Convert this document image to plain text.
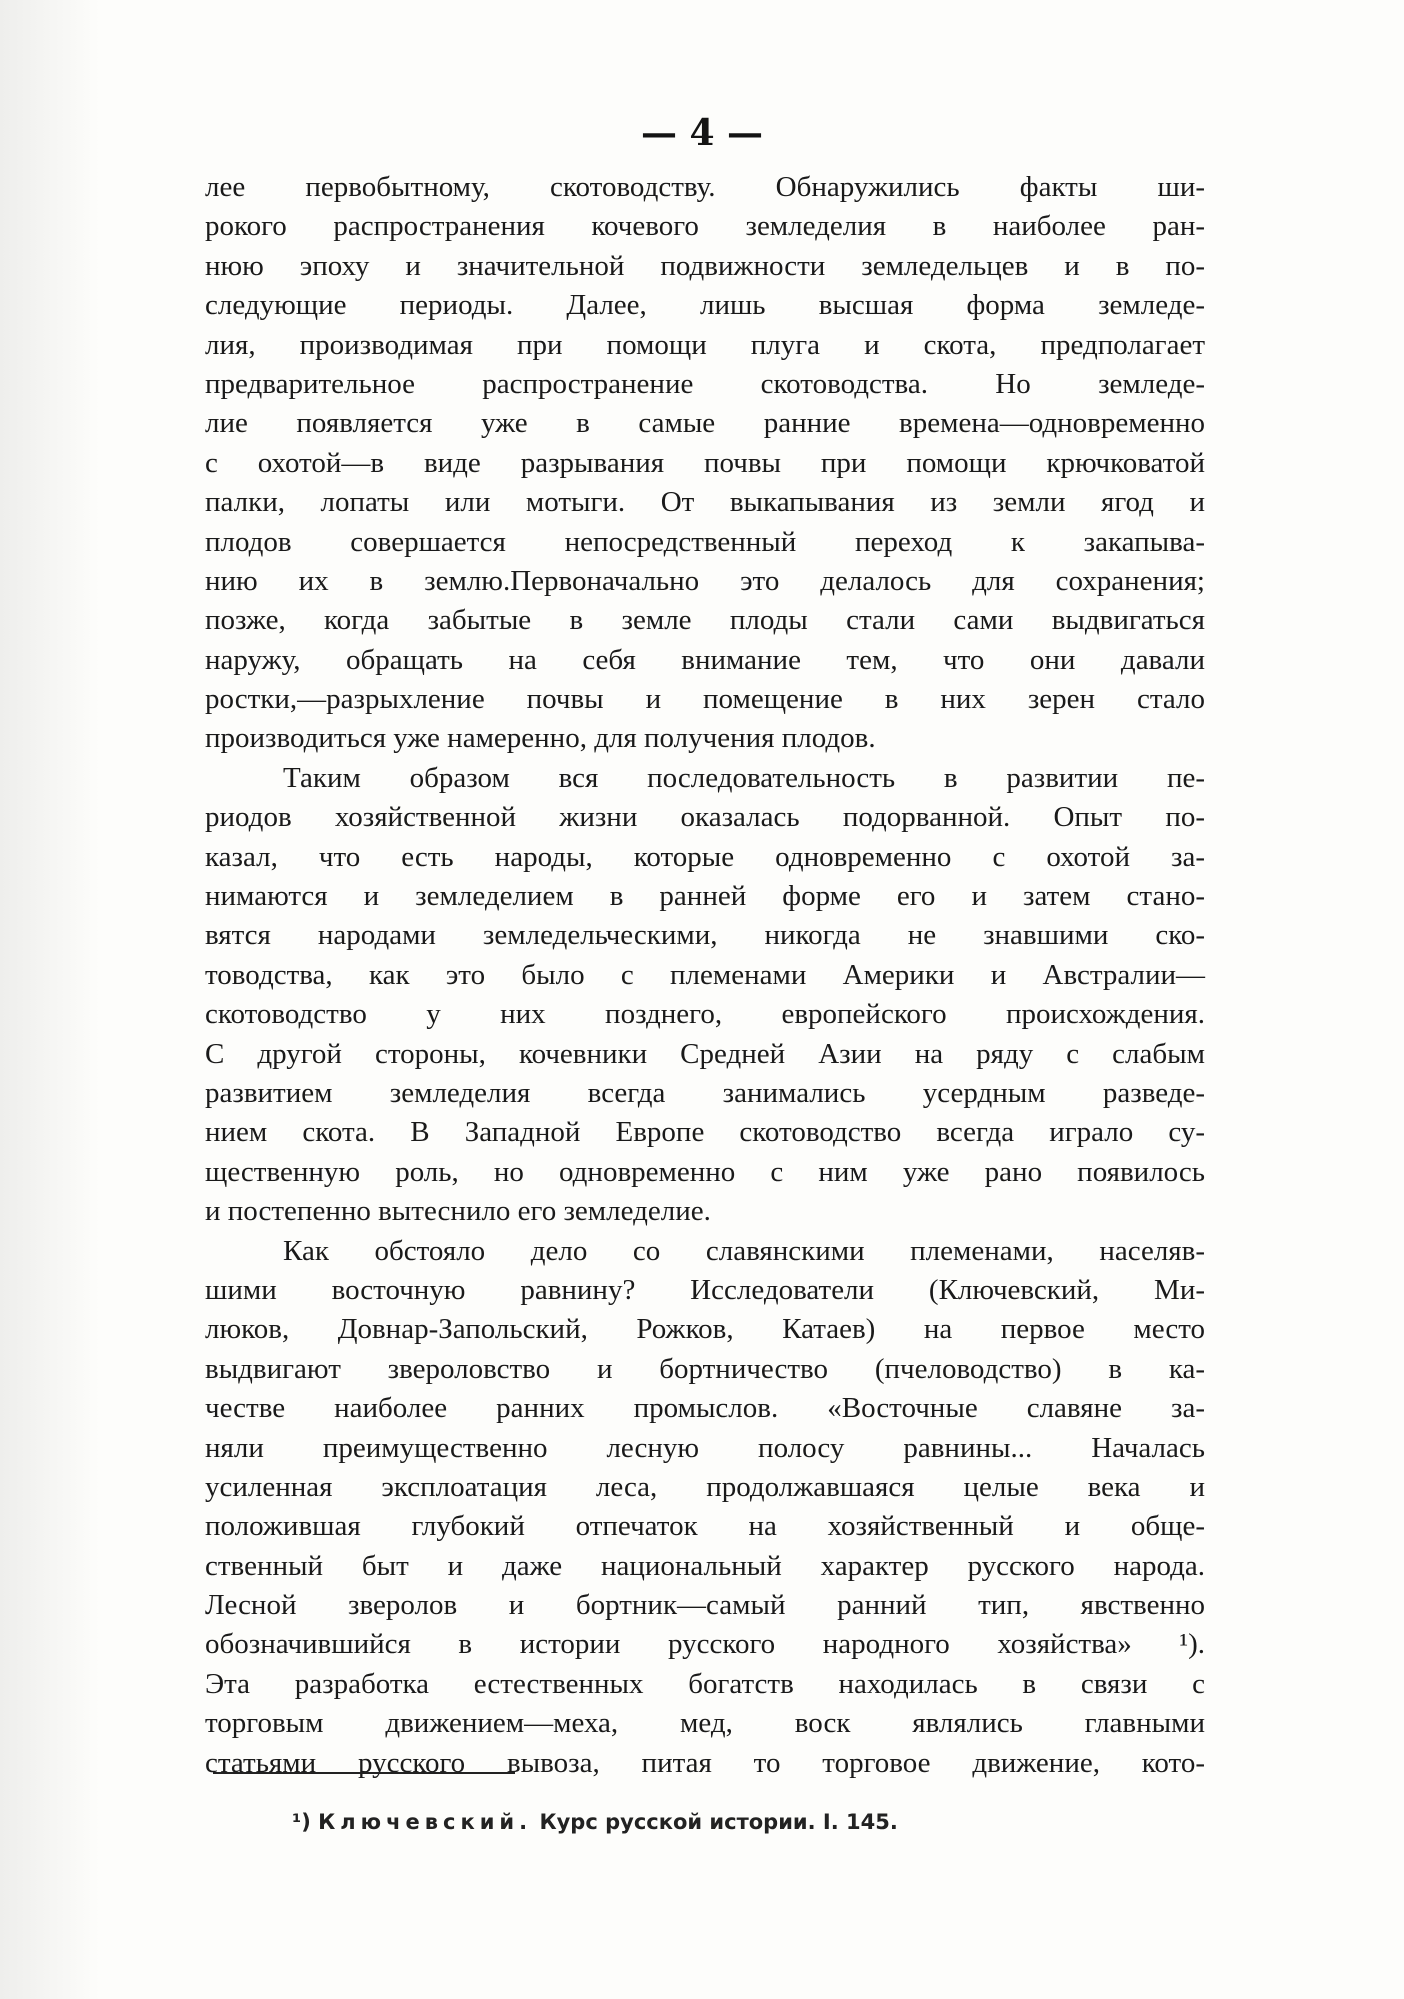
— 4 —
лее первобытному, скотоводству. Обнаружились факты ши-
рокого распространения кочевого земледелия в наиболее ран-
нюю эпоху и значительной подвижности земледельцев и в по-
следующие периоды. Далее, лишь высшая форма земледе-
лия, производимая при помощи плуга и скота, предполагает
предварительное распространение скотоводства. Но земледе-
лие появляется уже в самые ранние времена—одновременно
с охотой—в виде разрывания почвы при помощи крючковатой
палки, лопаты или мотыги. От выкапывания из земли ягод и
плодов совершается непосредственный переход к закапыва-
нию их в землю.Первоначально это делалось для сохранения;
позже, когда забытые в земле плоды стали сами выдвигаться
наружу, обращать на себя внимание тем, что они давали
ростки,—разрыхление почвы и помещение в них зерен стало
производиться уже намеренно, для получения плодов.
Таким образом вся последовательность в развитии пе-
риодов хозяйственной жизни оказалась подорванной. Опыт по-
казал, что есть народы, которые одновременно с охотой за-
нимаются и земледелием в ранней форме его и затем стано-
вятся народами земледельческими, никогда не знавшими ско-
товодства, как это было с племенами Америки и Австралии—
скотоводство у них позднего, европейского происхождения.
С другой стороны, кочевники Средней Азии на ряду с слабым
развитием земледелия всегда занимались усердным разведе-
нием скота. В Западной Европе скотоводство всегда играло су-
щественную роль, но одновременно с ним уже рано появилось
и постепенно вытеснило его земледелие.
Как обстояло дело со славянскими племенами, населяв-
шими восточную равнину? Исследователи (Ключевский, Ми-
люков, Довнар-Запольский, Рожков, Катаев) на первое место
выдвигают звероловство и бортничество (пчеловодство) в ка-
честве наиболее ранних промыслов. «Восточные славяне за-
няли преимущественно лесную полосу равнины... Началась
усиленная эксплоатация леса, продолжавшаяся целые века и
положившая глубокий отпечаток на хозяйственный и обще-
ственный быт и даже национальный характер русского народа.
Лесной зверолов и бортник—самый ранний тип, явственно
обозначившийся в истории русского народного хозяйства» ¹).
Эта разработка естественных богатств находилась в связи с
торговым движением—меха, мед, воск являлись главными
статьями русского вывоза, питая то торговое движение, кото-
¹) Ключевский. Курс русской истории. I. 145.
